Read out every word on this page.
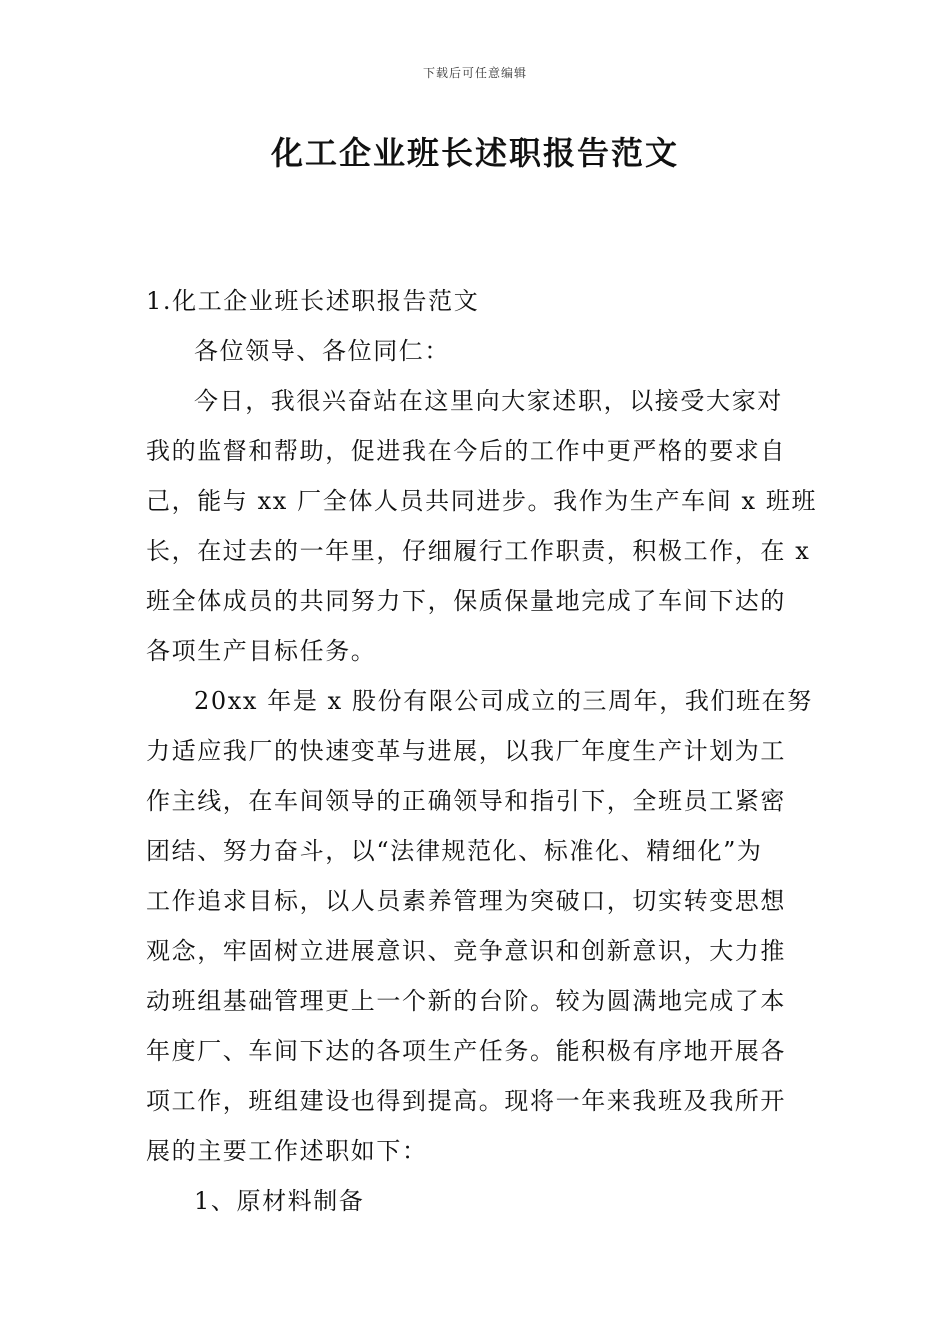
下载后可任意编辑
化工企业班长述职报告范文

1.化工企业班长述职报告范文

各位领导、各位同仁：

今日，我很兴奋站在这里向大家述职，以接受大家对

我的监督和帮助，促进我在今后的工作中更严格的要求自

己，能与 xx 厂全体人员共同进步。我作为生产车间 x 班班

长，在过去的一年里，仔细履行工作职责，积极工作，在 x

班全体成员的共同努力下，保质保量地完成了车间下达的

各项生产目标任务。

20xx 年是 x 股份有限公司成立的三周年，我们班在努

力适应我厂的快速变革与进展，以我厂年度生产计划为工

作主线，在车间领导的正确领导和指引下，全班员工紧密

团结、努力奋斗，以“法律规范化、标准化、精细化”为

工作追求目标，以人员素养管理为突破口，切实转变思想

观念，牢固树立进展意识、竞争意识和创新意识，大力推

动班组基础管理更上一个新的台阶。较为圆满地完成了本

年度厂、车间下达的各项生产任务。能积极有序地开展各

项工作，班组建设也得到提高。现将一年来我班及我所开

展的主要工作述职如下：

1、原材料制备
